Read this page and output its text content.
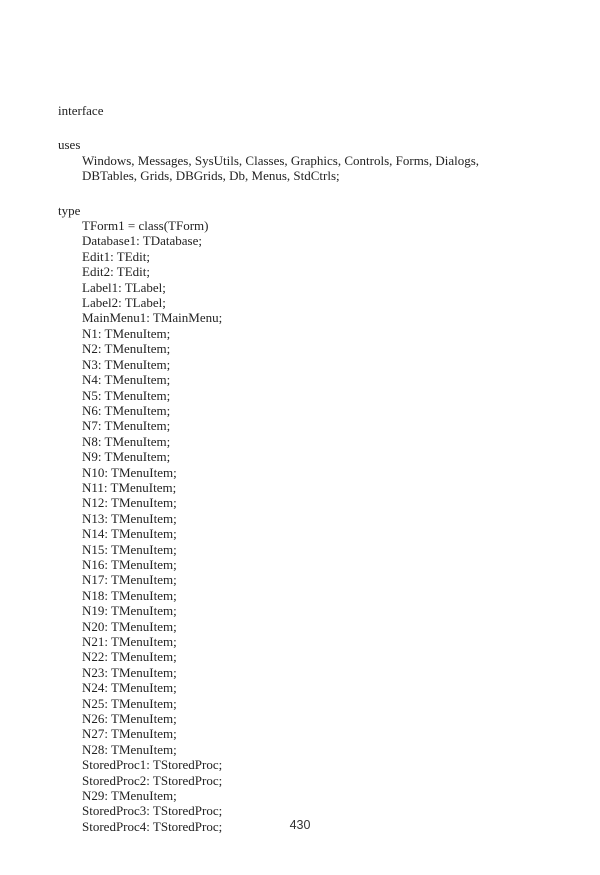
interface
uses
Windows, Messages, SysUtils, Classes, Graphics, Controls, Forms, Dialogs,
DBTables, Grids, DBGrids, Db, Menus, StdCtrls;
type
TForm1 = class(TForm)
Database1: TDatabase;
Edit1: TEdit;
Edit2: TEdit;
Label1: TLabel;
Label2: TLabel;
MainMenu1: TMainMenu;
N1: TMenuItem;
N2: TMenuItem;
N3: TMenuItem;
N4: TMenuItem;
N5: TMenuItem;
N6: TMenuItem;
N7: TMenuItem;
N8: TMenuItem;
N9: TMenuItem;
N10: TMenuItem;
N11: TMenuItem;
N12: TMenuItem;
N13: TMenuItem;
N14: TMenuItem;
N15: TMenuItem;
N16: TMenuItem;
N17: TMenuItem;
N18: TMenuItem;
N19: TMenuItem;
N20: TMenuItem;
N21: TMenuItem;
N22: TMenuItem;
N23: TMenuItem;
N24: TMenuItem;
N25: TMenuItem;
N26: TMenuItem;
N27: TMenuItem;
N28: TMenuItem;
StoredProc1: TStoredProc;
StoredProc2: TStoredProc;
N29: TMenuItem;
StoredProc3: TStoredProc;
StoredProc4: TStoredProc;	430
